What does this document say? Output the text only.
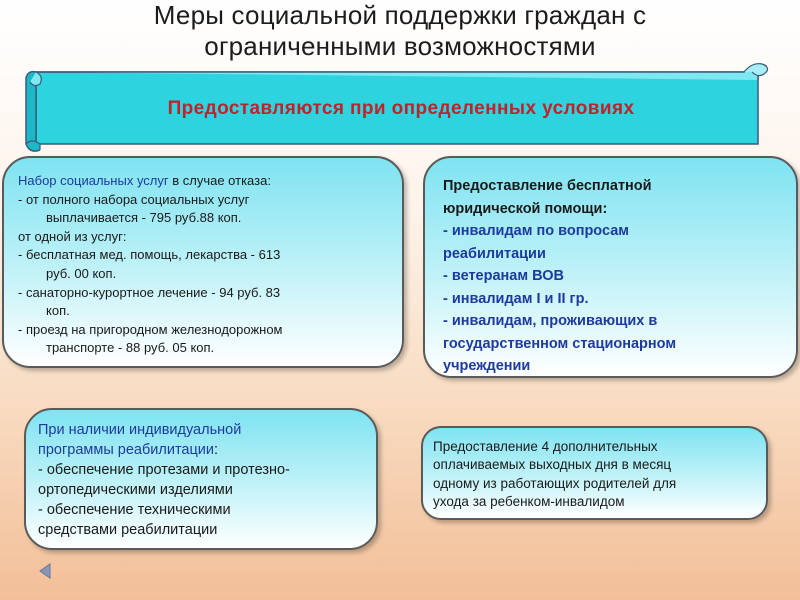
Меры социальной поддержки граждан с
ограниченными возможностями
Предоставляются при определенных условиях
Набор социальных услуг в случае отказа:
- от полного набора социальных услуг
выплачивается - 795 руб.88 коп.
от одной из услуг:
- бесплатная мед. помощь, лекарства - 613
руб. 00 коп.
- санаторно-курортное лечение - 94 руб. 83
коп.
- проезд на пригородном железнодорожном
транспорте - 88 руб. 05 коп.
Предоставление бесплатной
юридической помощи:
- инвалидам по вопросам
реабилитации
- ветеранам ВОВ
- инвалидам I и II гр.
- инвалидам, проживающих в
государственном стационарном
учреждении
При наличии индивидуальной
программы реабилитации:
- обеспечение протезами и протезно-
ортопедическими изделиями
- обеспечение техническими
средствами реабилитации
Предоставление 4 дополнительных
оплачиваемых выходных дня в месяц
одному из работающих родителей для
ухода за ребенком-инвалидом
